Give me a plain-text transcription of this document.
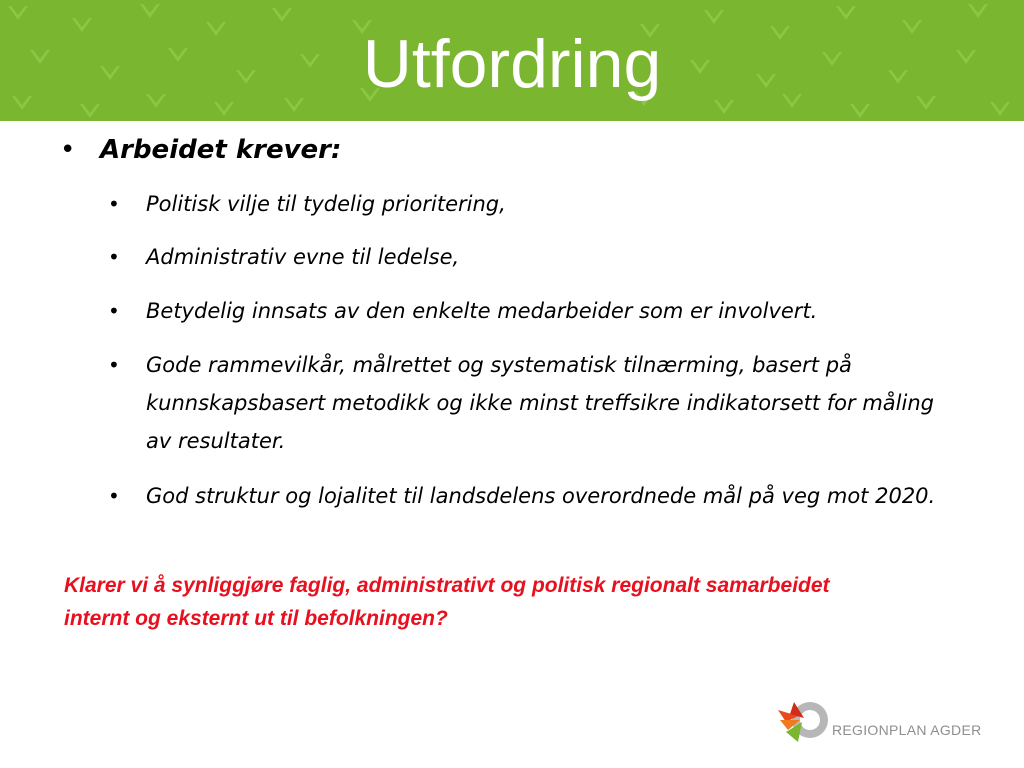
Utfordring
• Arbeidet krever:
• Politisk vilje til tydelig prioritering,
• Administrativ evne til ledelse,
• Betydelig innsats av den enkelte medarbeider som er involvert.
• Gode rammevilkår, målrettet og systematisk tilnærming, basert på kunnskapsbasert metodikk og ikke minst treffsikre indikatorsett for måling av resultater.
• God struktur og lojalitet til landsdelens overordnede mål på veg mot 2020.
Klarer vi å synliggjøre faglig, administrativt og politisk regionalt samarbeidet internt og eksternt ut til befolkningen?
REGIONPLAN AGDER
